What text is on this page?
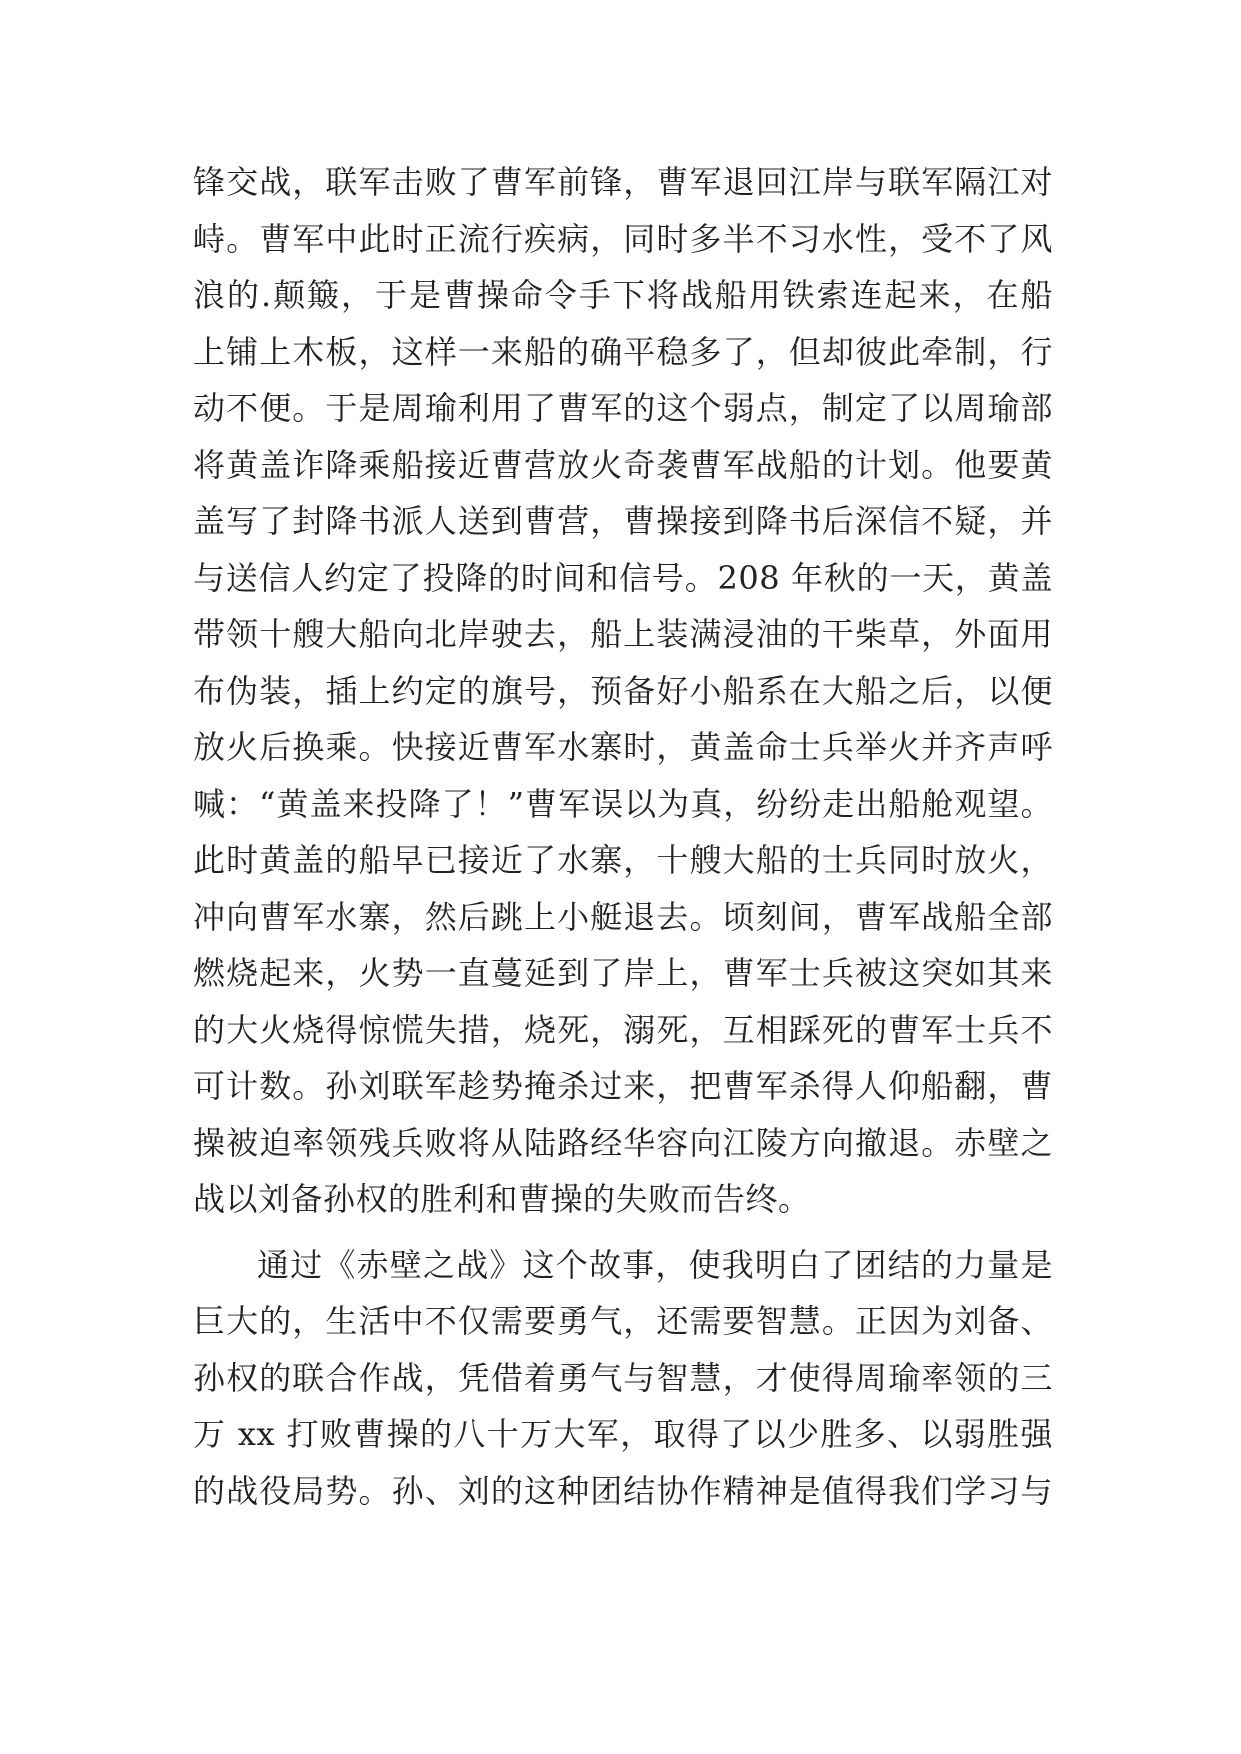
锋交战，联军击败了曹军前锋，曹军退回江岸与联军隔江对
峙。曹军中此时正流行疾病，同时多半不习水性，受不了风
浪的.颠簸，于是曹操命令手下将战船用铁索连起来，在船
上铺上木板，这样一来船的确平稳多了，但却彼此牵制，行
动不便。于是周瑜利用了曹军的这个弱点，制定了以周瑜部
将黄盖诈降乘船接近曹营放火奇袭曹军战船的计划。他要黄
盖写了封降书派人送到曹营，曹操接到降书后深信不疑，并
与送信人约定了投降的时间和信号。208 年秋的一天，黄盖
带领十艘大船向北岸驶去，船上装满浸油的干柴草，外面用
布伪装，插上约定的旗号，预备好小船系在大船之后，以便
放火后换乘。快接近曹军水寨时，黄盖命士兵举火并齐声呼
喊：“黄盖来投降了！”曹军误以为真，纷纷走出船舱观望。
此时黄盖的船早已接近了水寨，十艘大船的士兵同时放火，
冲向曹军水寨，然后跳上小艇退去。顷刻间，曹军战船全部
燃烧起来，火势一直蔓延到了岸上，曹军士兵被这突如其来
的大火烧得惊慌失措，烧死，溺死，互相踩死的曹军士兵不
可计数。孙刘联军趁势掩杀过来，把曹军杀得人仰船翻，曹
操被迫率领残兵败将从陆路经华容向江陵方向撤退。赤壁之
战以刘备孙权的胜利和曹操的失败而告终。
通过《赤壁之战》这个故事，使我明白了团结的力量是
巨大的，生活中不仅需要勇气，还需要智慧。正因为刘备、
孙权的联合作战，凭借着勇气与智慧，才使得周瑜率领的三
万 xx 打败曹操的八十万大军，取得了以少胜多、以弱胜强
的战役局势。孙、刘的这种团结协作精神是值得我们学习与
